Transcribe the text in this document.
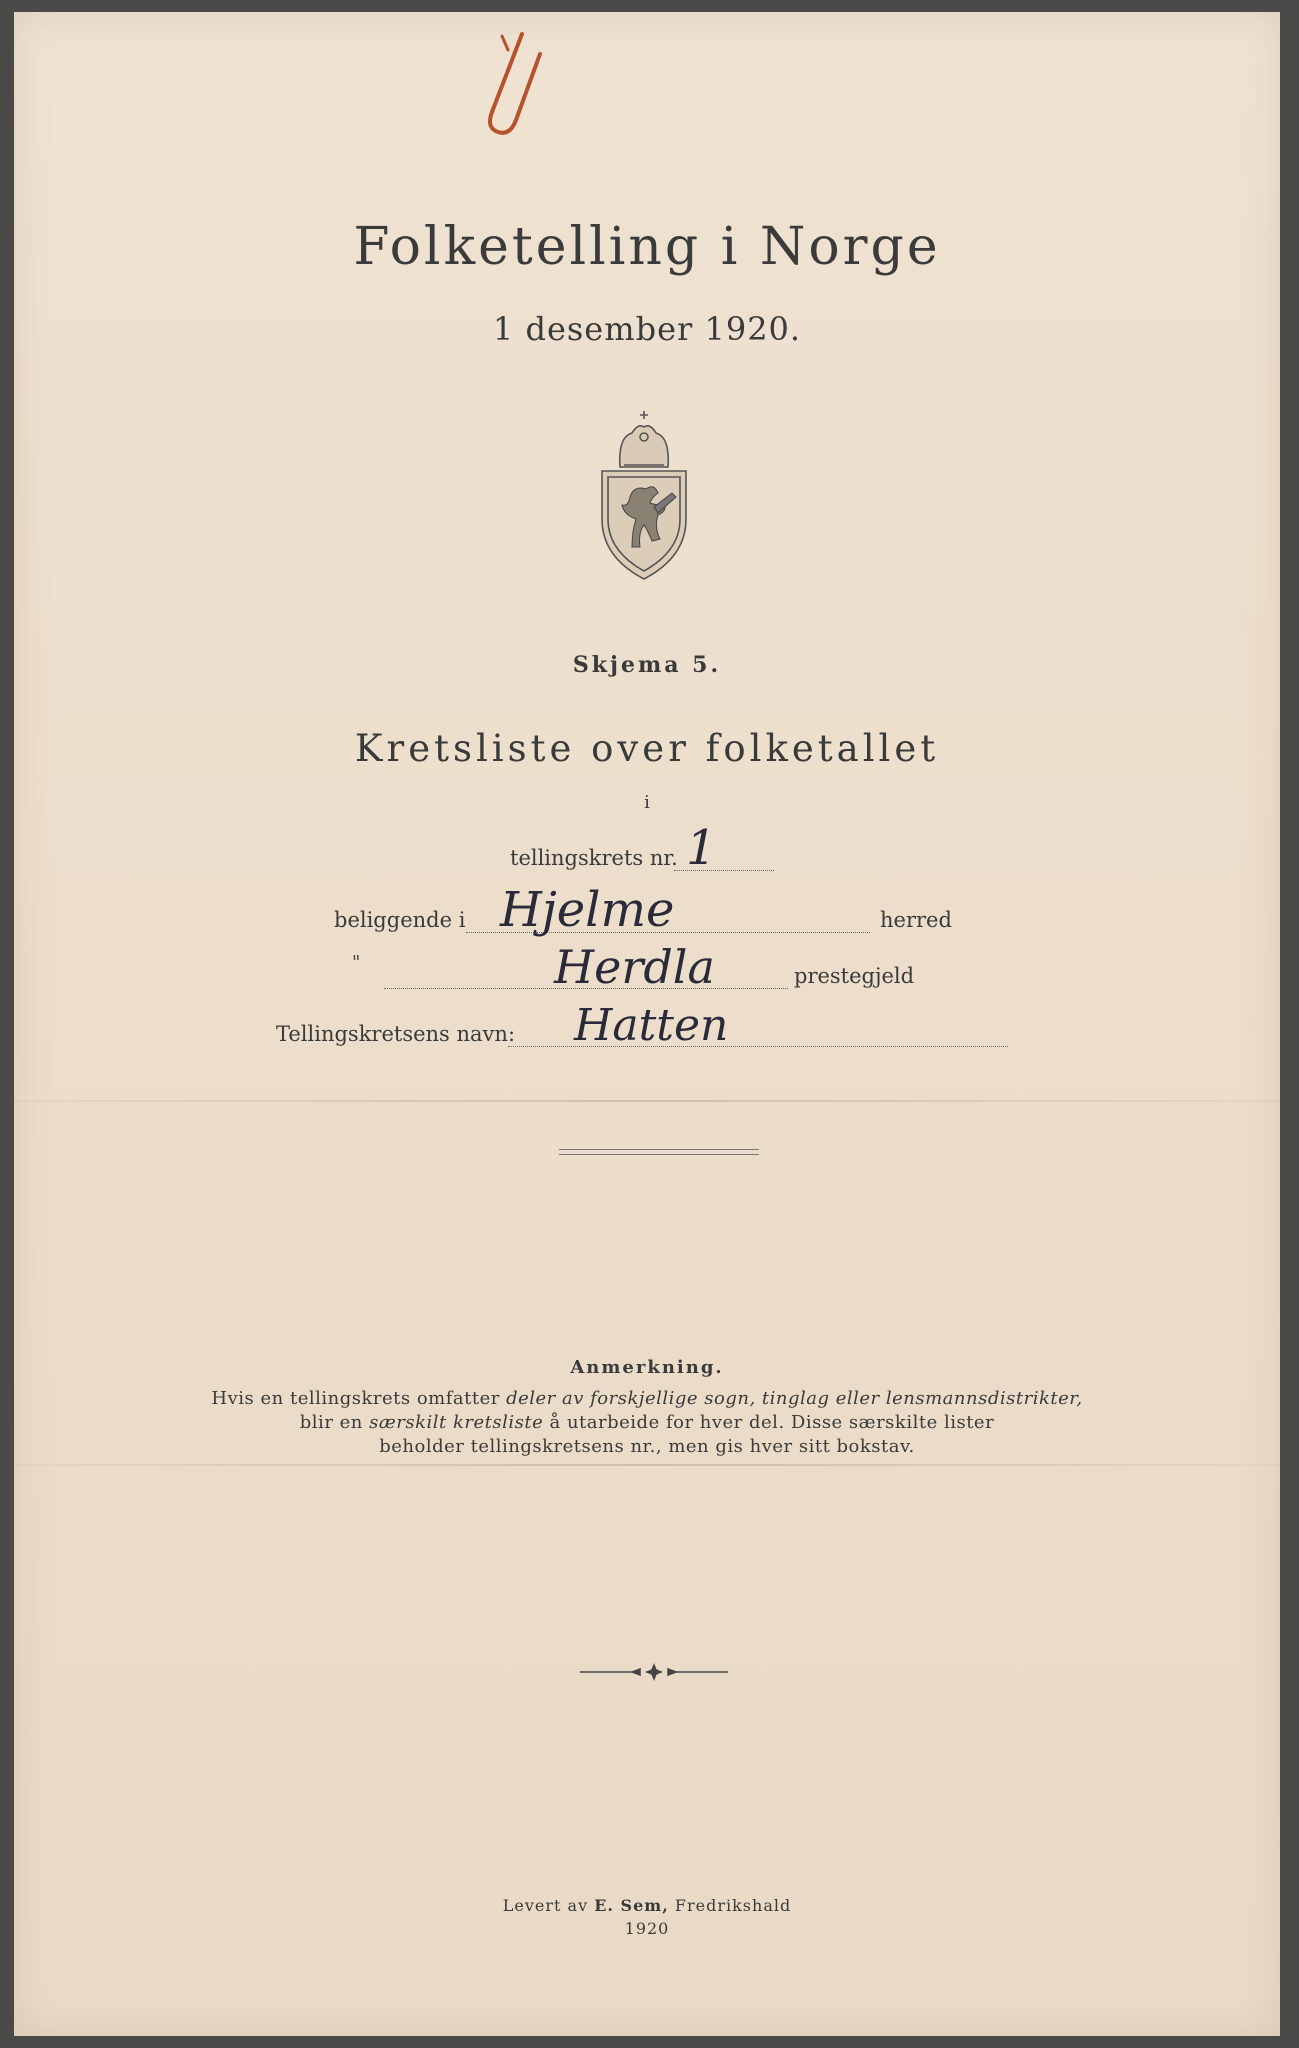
Folketelling i Norge
1 desember 1920.
Skjema 5.
Kretsliste over folketallet
i
tellingskrets nr. 1
beliggende i Hjelme	herred
"	Herdla	prestegjeld
Tellingskretsens navn: Hatten
Anmerkning.
Hvis en tellingskrets omfatter deler av forskjellige sogn, tinglag eller lensmannsdistrikter,
blir en særskilt kretsliste å utarbeide for hver del. Disse særskilte lister
beholder tellingskretsens nr., men gis hver sitt bokstav.
Levert av E. Sem, Fredrikshald
1920
